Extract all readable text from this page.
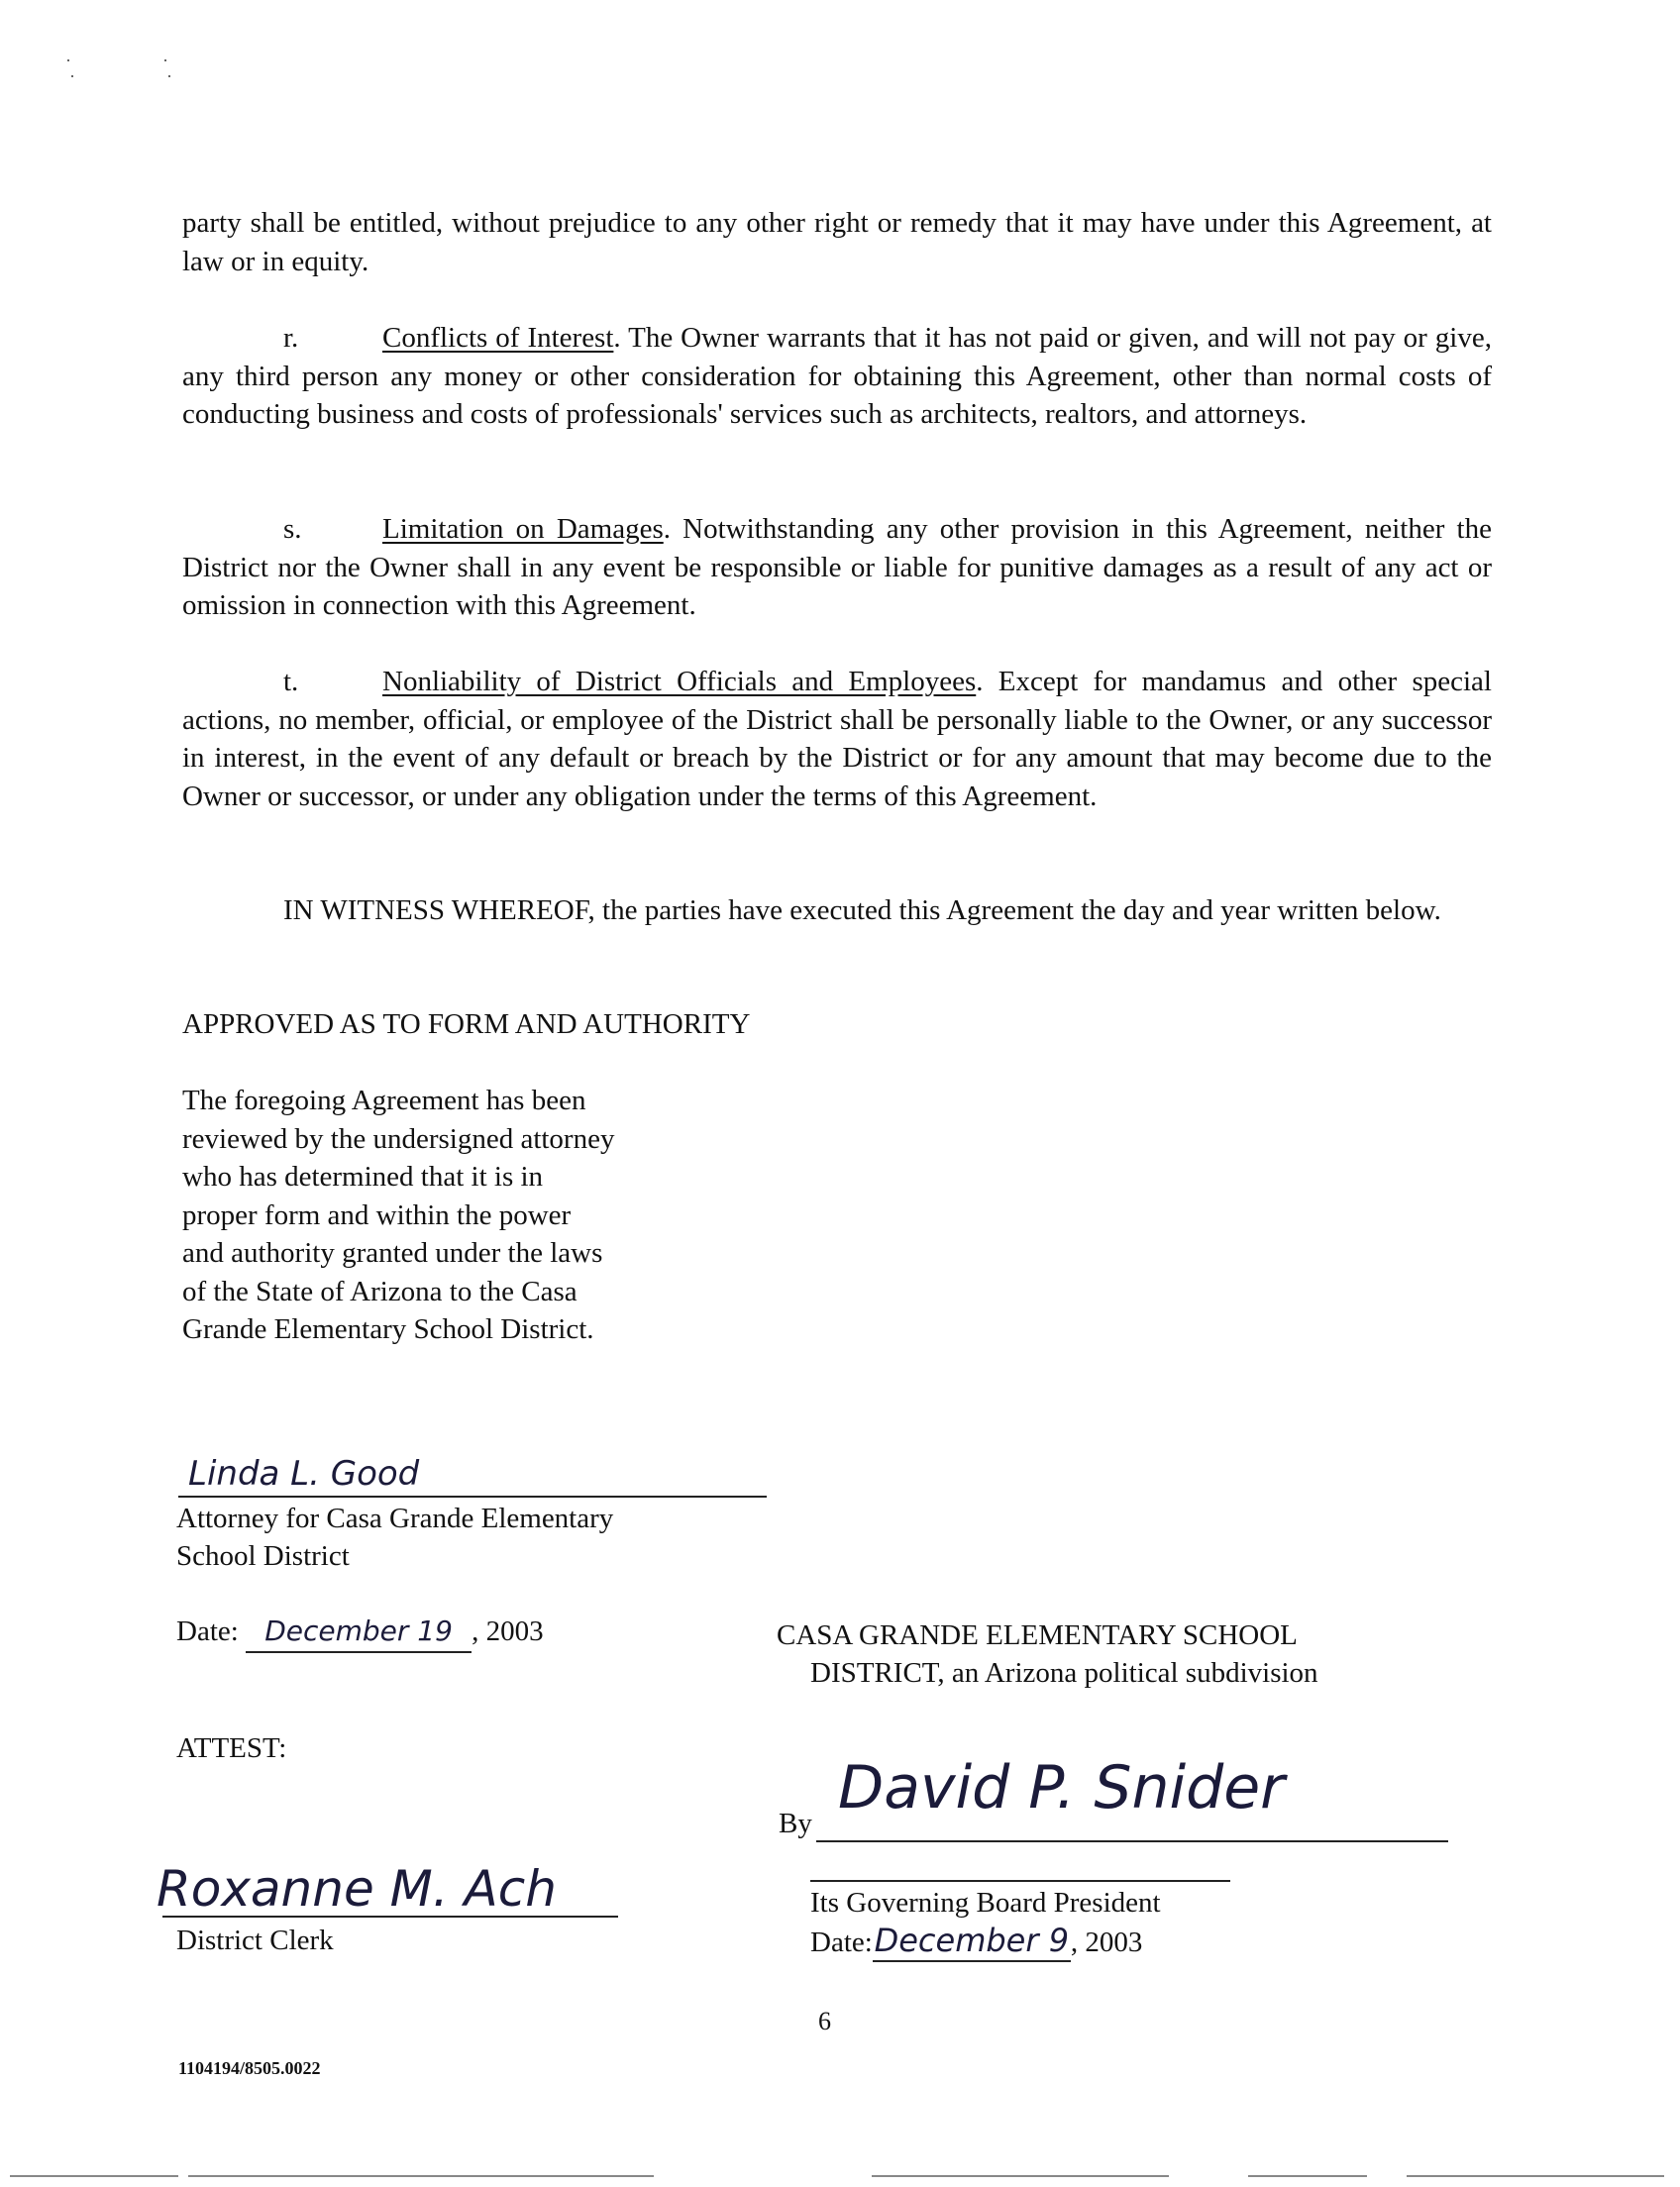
party shall be entitled, without prejudice to any other right or remedy that it may have under this Agreement, at law or in equity.

r.	Conflicts of Interest. The Owner warrants that it has not paid or given, and will not pay or give, any third person any money or other consideration for obtaining this Agreement, other than normal costs of conducting business and costs of professionals' services such as architects, realtors, and attorneys.

s.	Limitation on Damages. Notwithstanding any other provision in this Agreement, neither the District nor the Owner shall in any event be responsible or liable for punitive damages as a result of any act or omission in connection with this Agreement.

t.	Nonliability of District Officials and Employees. Except for mandamus and other special actions, no member, official, or employee of the District shall be personally liable to the Owner, or any successor in interest, in the event of any default or breach by the District or for any amount that may become due to the Owner or successor, or under any obligation under the terms of this Agreement.

IN WITNESS WHEREOF, the parties have executed this Agreement the day and year written below.

APPROVED AS TO FORM AND AUTHORITY

The foregoing Agreement has been
reviewed by the undersigned attorney
who has determined that it is in
proper form and within the power
and authority granted under the laws
of the State of Arizona to the Casa
Grande Elementary School District.
Linda L. Good

Attorney for Casa Grande Elementary

School District

Date: December 19 , 2003	CASA GRANDE ELEMENTARY SCHOOL

DISTRICT, an Arizona political subdivision

ATTEST:

By

David P. Snider

Its Governing Board President

Date:December 9, 2003

Roxanne M. Ach

District Clerk

6
1104194/8505.0022
